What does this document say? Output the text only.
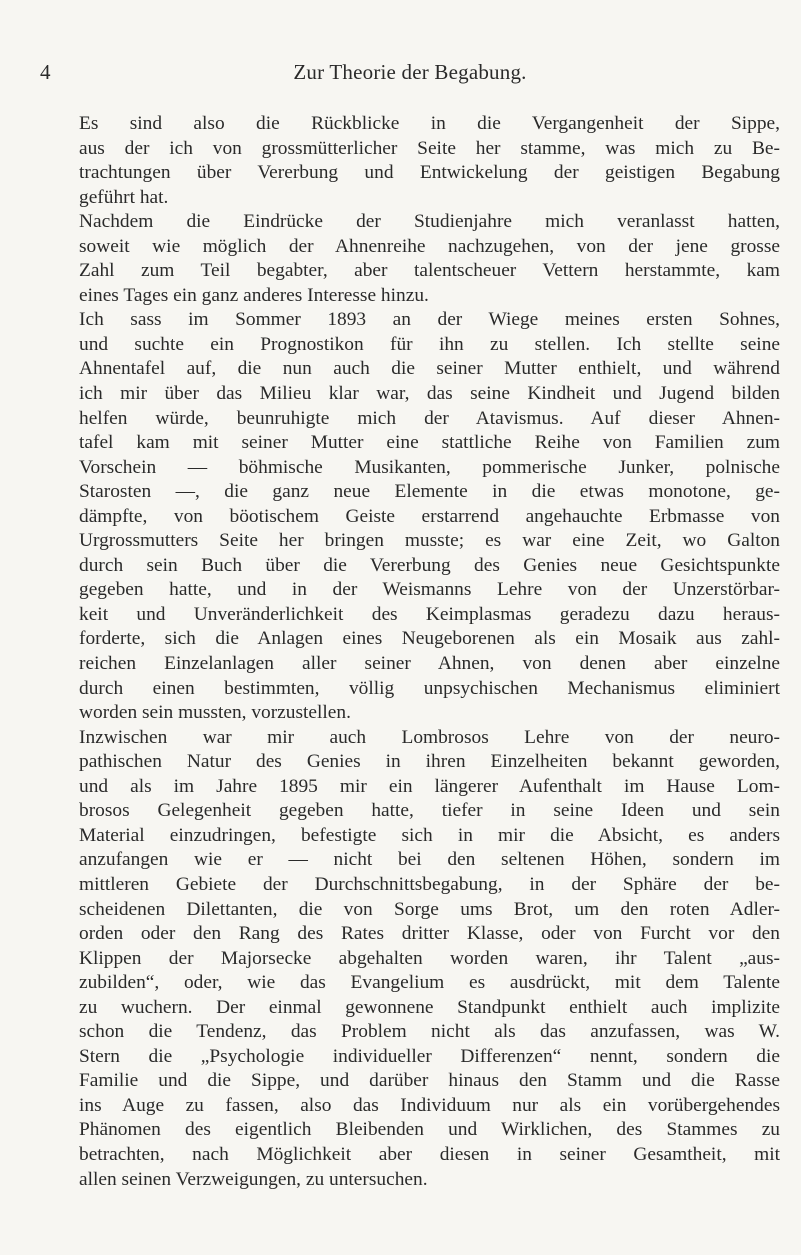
4	Zur Theorie der Begabung.

Es sind also die Rückblicke in die Vergangenheit der Sippe,
aus der ich von grossmütterlicher Seite her stamme, was mich zu Be-
trachtungen über Vererbung und Entwickelung der geistigen Begabung
geführt hat.

Nachdem die Eindrücke der Studienjahre mich veranlasst hatten,
soweit wie möglich der Ahnenreihe nachzugehen, von der jene grosse
Zahl zum Teil begabter, aber talentscheuer Vettern herstammte, kam
eines Tages ein ganz anderes Interesse hinzu.

Ich sass im Sommer 1893 an der Wiege meines ersten Sohnes,
und suchte ein Prognostikon für ihn zu stellen. Ich stellte seine
Ahnentafel auf, die nun auch die seiner Mutter enthielt, und während
ich mir über das Milieu klar war, das seine Kindheit und Jugend bilden
helfen würde, beunruhigte mich der Atavismus. Auf dieser Ahnen-
tafel kam mit seiner Mutter eine stattliche Reihe von Familien zum
Vorschein — böhmische Musikanten, pommerische Junker, polnische
Starosten —, die ganz neue Elemente in die etwas monotone, ge-
dämpfte, von böotischem Geiste erstarrend angehauchte Erbmasse von
Urgrossmutters Seite her bringen musste; es war eine Zeit, wo Galton
durch sein Buch über die Vererbung des Genies neue Gesichtspunkte
gegeben hatte, und in der Weismanns Lehre von der Unzerstörbar-
keit und Unveränderlichkeit des Keimplasmas geradezu dazu heraus-
forderte, sich die Anlagen eines Neugeborenen als ein Mosaik aus zahl-
reichen Einzelanlagen aller seiner Ahnen, von denen aber einzelne
durch einen bestimmten, völlig unpsychischen Mechanismus eliminiert
worden sein mussten, vorzustellen.

Inzwischen war mir auch Lombrosos Lehre von der neuro-
pathischen Natur des Genies in ihren Einzelheiten bekannt geworden,
und als im Jahre 1895 mir ein längerer Aufenthalt im Hause Lom-
brosos Gelegenheit gegeben hatte, tiefer in seine Ideen und sein
Material einzudringen, befestigte sich in mir die Absicht, es anders
anzufangen wie er — nicht bei den seltenen Höhen, sondern im
mittleren Gebiete der Durchschnittsbegabung, in der Sphäre der be-
scheidenen Dilettanten, die von Sorge ums Brot, um den roten Adler-
orden oder den Rang des Rates dritter Klasse, oder von Furcht vor den
Klippen der Majorsecke abgehalten worden waren, ihr Talent „aus-
zubilden“, oder, wie das Evangelium es ausdrückt, mit dem Talente
zu wuchern. Der einmal gewonnene Standpunkt enthielt auch implizite
schon die Tendenz, das Problem nicht als das anzufassen, was W.
Stern die „Psychologie individueller Differenzen“ nennt, sondern die
Familie und die Sippe, und darüber hinaus den Stamm und die Rasse
ins Auge zu fassen, also das Individuum nur als ein vorübergehendes
Phänomen des eigentlich Bleibenden und Wirklichen, des Stammes zu
betrachten, nach Möglichkeit aber diesen in seiner Gesamtheit, mit
allen seinen Verzweigungen, zu untersuchen.
